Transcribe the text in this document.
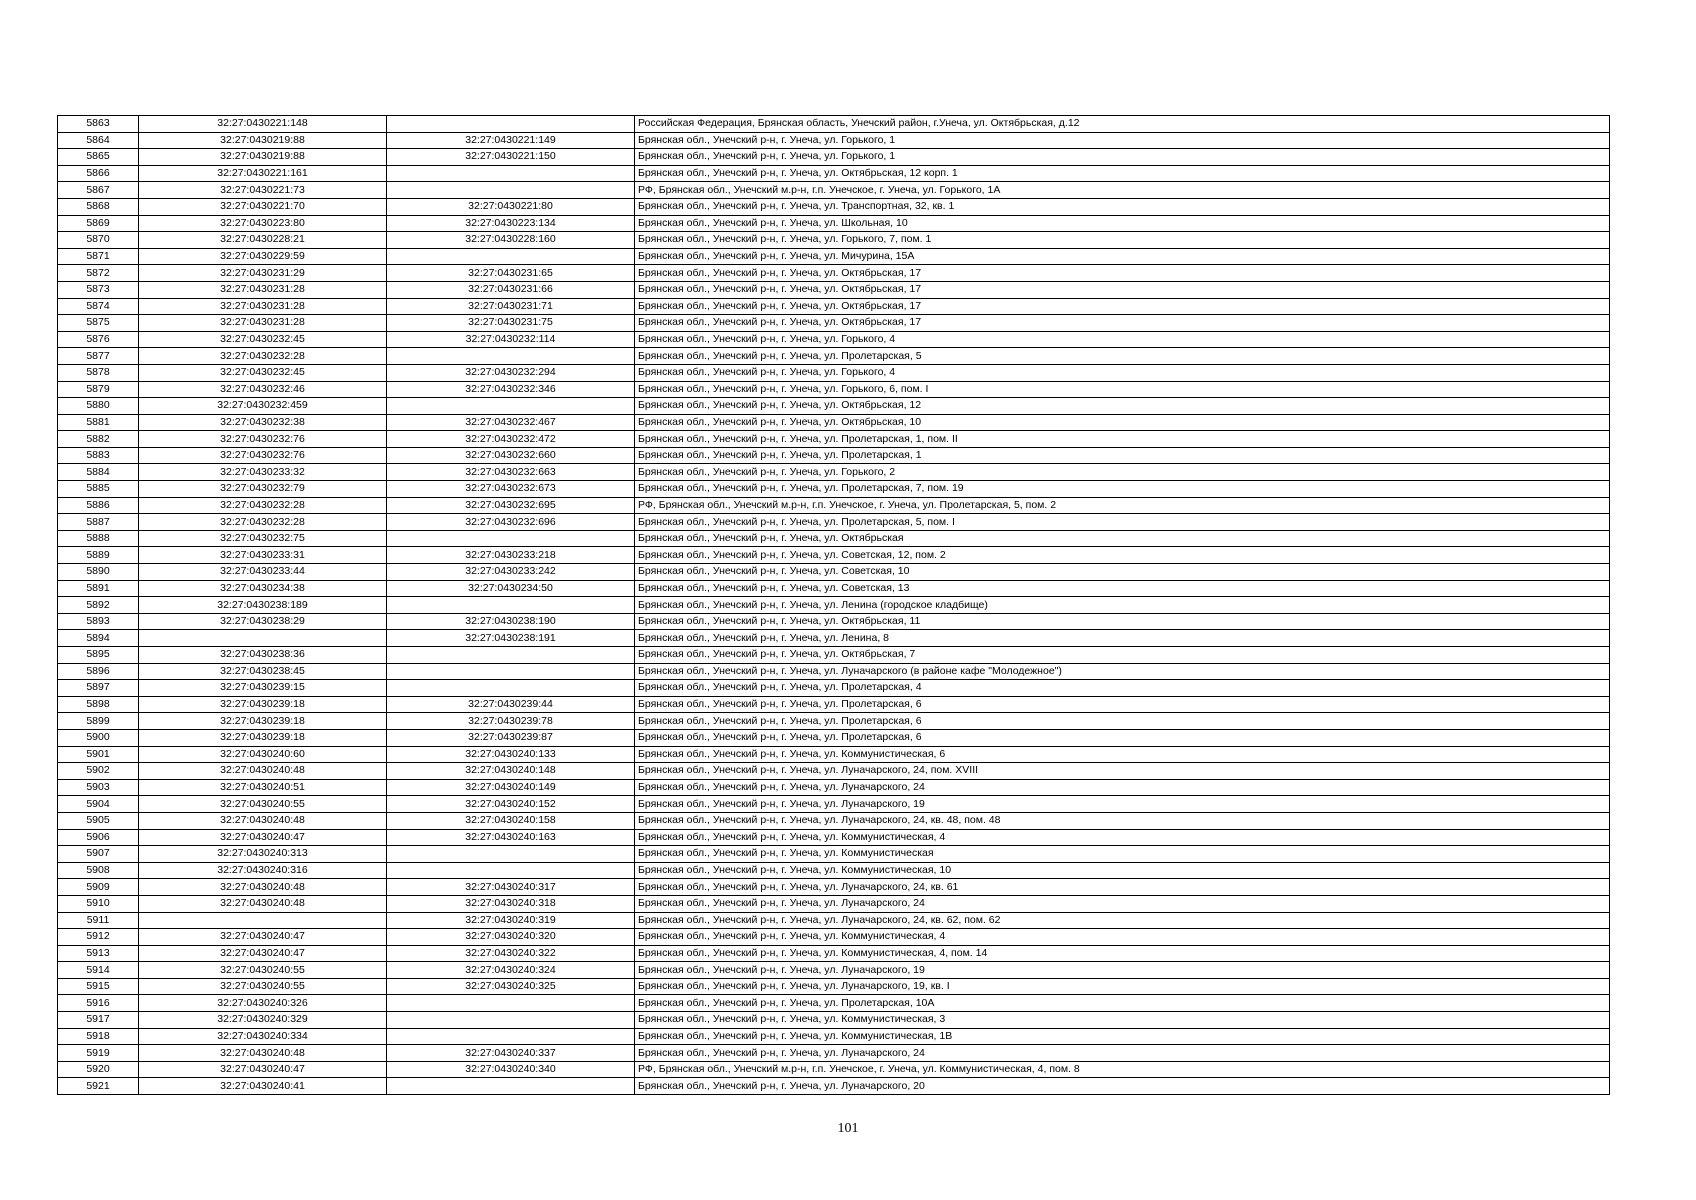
5863	32:27:0430221:148		Российская Федерация, Брянская область, Унечский район, г.Унеча, ул. Октябрьская, д.12
5864	32:27:0430219:88	32:27:0430221:149	Брянская обл., Унечский р-н, г. Унеча, ул. Горького, 1
5865	32:27:0430219:88	32:27:0430221:150	Брянская обл., Унечский р-н, г. Унеча, ул. Горького, 1
5866	32:27:0430221:161		Брянская обл., Унечский р-н, г. Унеча, ул. Октябрьская, 12 корп. 1
5867	32:27:0430221:73		РФ, Брянская обл., Унечский м.р-н, г.п. Унечское, г. Унеча, ул. Горького, 1А
5868	32:27:0430221:70	32:27:0430221:80	Брянская обл., Унечский р-н, г. Унеча, ул. Транспортная, 32, кв. 1
5869	32:27:0430223:80	32:27:0430223:134	Брянская обл., Унечский р-н, г. Унеча, ул. Школьная, 10
5870	32:27:0430228:21	32:27:0430228:160	Брянская обл., Унечский р-н, г. Унеча, ул. Горького, 7, пом. 1
5871	32:27:0430229:59		Брянская обл., Унечский р-н, г. Унеча, ул. Мичурина, 15А
5872	32:27:0430231:29	32:27:0430231:65	Брянская обл., Унечский р-н, г. Унеча, ул. Октябрьская, 17
5873	32:27:0430231:28	32:27:0430231:66	Брянская обл., Унечский р-н, г. Унеча, ул. Октябрьская, 17
5874	32:27:0430231:28	32:27:0430231:71	Брянская обл., Унечский р-н, г. Унеча, ул. Октябрьская, 17
5875	32:27:0430231:28	32:27:0430231:75	Брянская обл., Унечский р-н, г. Унеча, ул. Октябрьская, 17
5876	32:27:0430232:45	32:27:0430232:114	Брянская обл., Унечский р-н, г. Унеча, ул. Горького, 4
5877	32:27:0430232:28		Брянская обл., Унечский р-н, г. Унеча, ул. Пролетарская, 5
5878	32:27:0430232:45	32:27:0430232:294	Брянская обл., Унечский р-н, г. Унеча, ул. Горького, 4
5879	32:27:0430232:46	32:27:0430232:346	Брянская обл., Унечский р-н, г. Унеча, ул. Горького, 6, пом. I
5880	32:27:0430232:459		Брянская обл., Унечский р-н, г. Унеча, ул. Октябрьская, 12
5881	32:27:0430232:38	32:27:0430232:467	Брянская обл., Унечский р-н, г. Унеча, ул. Октябрьская, 10
5882	32:27:0430232:76	32:27:0430232:472	Брянская обл., Унечский р-н, г. Унеча, ул. Пролетарская, 1, пом. II
5883	32:27:0430232:76	32:27:0430232:660	Брянская обл., Унечский р-н, г. Унеча, ул. Пролетарская, 1
5884	32:27:0430233:32	32:27:0430232:663	Брянская обл., Унечский р-н, г. Унеча, ул. Горького, 2
5885	32:27:0430232:79	32:27:0430232:673	Брянская обл., Унечский р-н, г. Унеча, ул. Пролетарская, 7, пом. 19
5886	32:27:0430232:28	32:27:0430232:695	РФ, Брянская обл., Унечский м.р-н, г.п. Унечское, г. Унеча, ул. Пролетарская, 5, пом. 2
5887	32:27:0430232:28	32:27:0430232:696	Брянская обл., Унечский р-н, г. Унеча, ул. Пролетарская, 5, пом. I
5888	32:27:0430232:75		Брянская обл., Унечский р-н, г. Унеча, ул. Октябрьская
5889	32:27:0430233:31	32:27:0430233:218	Брянская обл., Унечский р-н, г. Унеча, ул. Советская, 12, пом. 2
5890	32:27:0430233:44	32:27:0430233:242	Брянская обл., Унечский р-н, г. Унеча, ул. Советская, 10
5891	32:27:0430234:38	32:27:0430234:50	Брянская обл., Унечский р-н, г. Унеча, ул. Советская, 13
5892	32:27:0430238:189		Брянская обл., Унечский р-н, г. Унеча, ул. Ленина (городское кладбище)
5893	32:27:0430238:29	32:27:0430238:190	Брянская обл., Унечский р-н, г. Унеча, ул. Октябрьская, 11
5894		32:27:0430238:191	Брянская обл., Унечский р-н, г. Унеча, ул. Ленина, 8
5895	32:27:0430238:36		Брянская обл., Унечский р-н, г. Унеча, ул. Октябрьская, 7
5896	32:27:0430238:45		Брянская обл., Унечский р-н, г. Унеча, ул. Луначарского (в районе кафе "Молодежное")
5897	32:27:0430239:15		Брянская обл., Унечский р-н, г. Унеча, ул. Пролетарская, 4
5898	32:27:0430239:18	32:27:0430239:44	Брянская обл., Унечский р-н, г. Унеча, ул. Пролетарская, 6
5899	32:27:0430239:18	32:27:0430239:78	Брянская обл., Унечский р-н, г. Унеча, ул. Пролетарская, 6
5900	32:27:0430239:18	32:27:0430239:87	Брянская обл., Унечский р-н, г. Унеча, ул. Пролетарская, 6
5901	32:27:0430240:60	32:27:0430240:133	Брянская обл., Унечский р-н, г. Унеча, ул. Коммунистическая, 6
5902	32:27:0430240:48	32:27:0430240:148	Брянская обл., Унечский р-н, г. Унеча, ул. Луначарского, 24, пом. XVIII
5903	32:27:0430240:51	32:27:0430240:149	Брянская обл., Унечский р-н, г. Унеча, ул. Луначарского, 24
5904	32:27:0430240:55	32:27:0430240:152	Брянская обл., Унечский р-н, г. Унеча, ул. Луначарского, 19
5905	32:27:0430240:48	32:27:0430240:158	Брянская обл., Унечский р-н, г. Унеча, ул. Луначарского, 24, кв. 48, пом. 48
5906	32:27:0430240:47	32:27:0430240:163	Брянская обл., Унечский р-н, г. Унеча, ул. Коммунистическая, 4
5907	32:27:0430240:313		Брянская обл., Унечский р-н, г. Унеча, ул. Коммунистическая
5908	32:27:0430240:316		Брянская обл., Унечский р-н, г. Унеча, ул. Коммунистическая, 10
5909	32:27:0430240:48	32:27:0430240:317	Брянская обл., Унечский р-н, г. Унеча, ул. Луначарского, 24, кв. 61
5910	32:27:0430240:48	32:27:0430240:318	Брянская обл., Унечский р-н, г. Унеча, ул. Луначарского, 24
5911		32:27:0430240:319	Брянская обл., Унечский р-н, г. Унеча, ул. Луначарского, 24, кв. 62, пом. 62
5912	32:27:0430240:47	32:27:0430240:320	Брянская обл., Унечский р-н, г. Унеча, ул. Коммунистическая, 4
5913	32:27:0430240:47	32:27:0430240:322	Брянская обл., Унечский р-н, г. Унеча, ул. Коммунистическая, 4, пом. 14
5914	32:27:0430240:55	32:27:0430240:324	Брянская обл., Унечский р-н, г. Унеча, ул. Луначарского, 19
5915	32:27:0430240:55	32:27:0430240:325	Брянская обл., Унечский р-н, г. Унеча, ул. Луначарского, 19, кв. I
5916	32:27:0430240:326		Брянская обл., Унечский р-н, г. Унеча, ул. Пролетарская, 10А
5917	32:27:0430240:329		Брянская обл., Унечский р-н, г. Унеча, ул. Коммунистическая, 3
5918	32:27:0430240:334		Брянская обл., Унечский р-н, г. Унеча, ул. Коммунистическая, 1В
5919	32:27:0430240:48	32:27:0430240:337	Брянская обл., Унечский р-н, г. Унеча, ул. Луначарского, 24
5920	32:27:0430240:47	32:27:0430240:340	РФ, Брянская обл., Унечский м.р-н, г.п. Унечское, г. Унеча, ул. Коммунистическая, 4, пом. 8
5921	32:27:0430240:41		Брянская обл., Унечский р-н, г. Унеча, ул. Луначарского, 20
101
